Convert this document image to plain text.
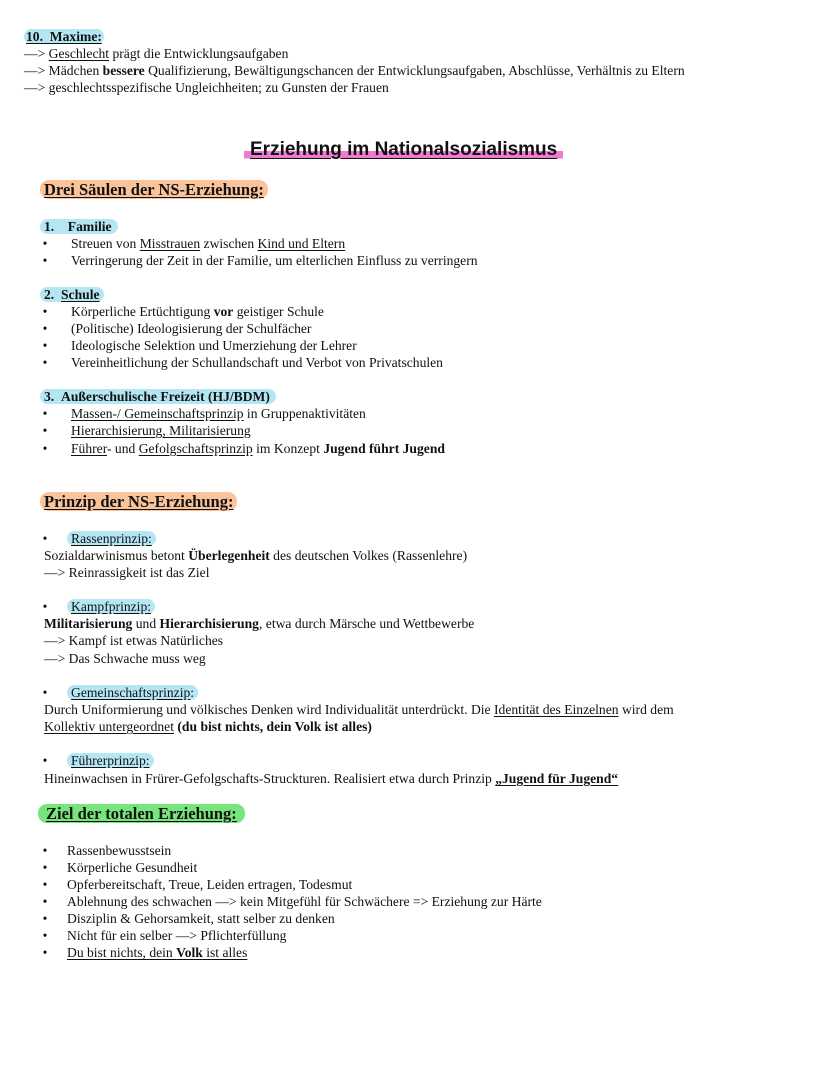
10. Maxime:
—> Geschlecht prägt die Entwicklungsaufgaben
—> Mädchen bessere Qualifizierung, Bewältigungschancen der Entwicklungsaufgaben, Abschlüsse, Verhältnis zu Eltern
—> geschlechtsspezifische Ungleichheiten; zu Gunsten der Frauen
Erziehung im Nationalsozialismus
Drei Säulen der NS-Erziehung:
1. Familie
• Streuen von Misstrauen zwischen Kind und Eltern
• Verringerung der Zeit in der Familie, um elterlichen Einfluss zu verringern
2. Schule
• Körperliche Ertüchtigung vor geistiger Schule
• (Politische) Ideologisierung der Schulfächer
• Ideologische Selektion und Umerziehung der Lehrer
• Vereinheitlichung der Schullandschaft und Verbot von Privatschulen
3. Außerschulische Freizeit (HJ/BDM)
• Massen-/ Gemeinschaftsprinzip in Gruppenaktivitäten
• Hierarchisierung, Militarisierung
• Führer- und Gefolgschaftsprinzip im Konzept Jugend führt Jugend
Prinzip der NS-Erziehung:
• Rassenprinzip:
Sozialdarwinismus betont Überlegenheit des deutschen Volkes (Rassenlehre)
—> Reinrassigkeit ist das Ziel
• Kampfprinzip:
Militarisierung und Hierarchisierung, etwa durch Märsche und Wettbewerbe
—> Kampf ist etwas Natürliches
—> Das Schwache muss weg
• Gemeinschaftsprinzip:
Durch Uniformierung und völkisches Denken wird Individualität unterdrückt. Die Identität des Einzelnen wird dem
Kollektiv untergeordnet (du bist nichts, dein Volk ist alles)
• Führerprinzip:
Hineinwachsen in Frürer-Gefolgschafts-Struckturen. Realisiert etwa durch Prinzip „Jugend für Jugend“
Ziel der totalen Erziehung:
• Rassenbewusstsein
• Körperliche Gesundheit
• Opferbereitschaft, Treue, Leiden ertragen, Todesmut
• Ablehnung des schwachen —> kein Mitgefühl für Schwächere => Erziehung zur Härte
• Disziplin & Gehorsamkeit, statt selber zu denken
• Nicht für ein selber —> Pflichterfüllung
• Du bist nichts, dein Volk ist alles
